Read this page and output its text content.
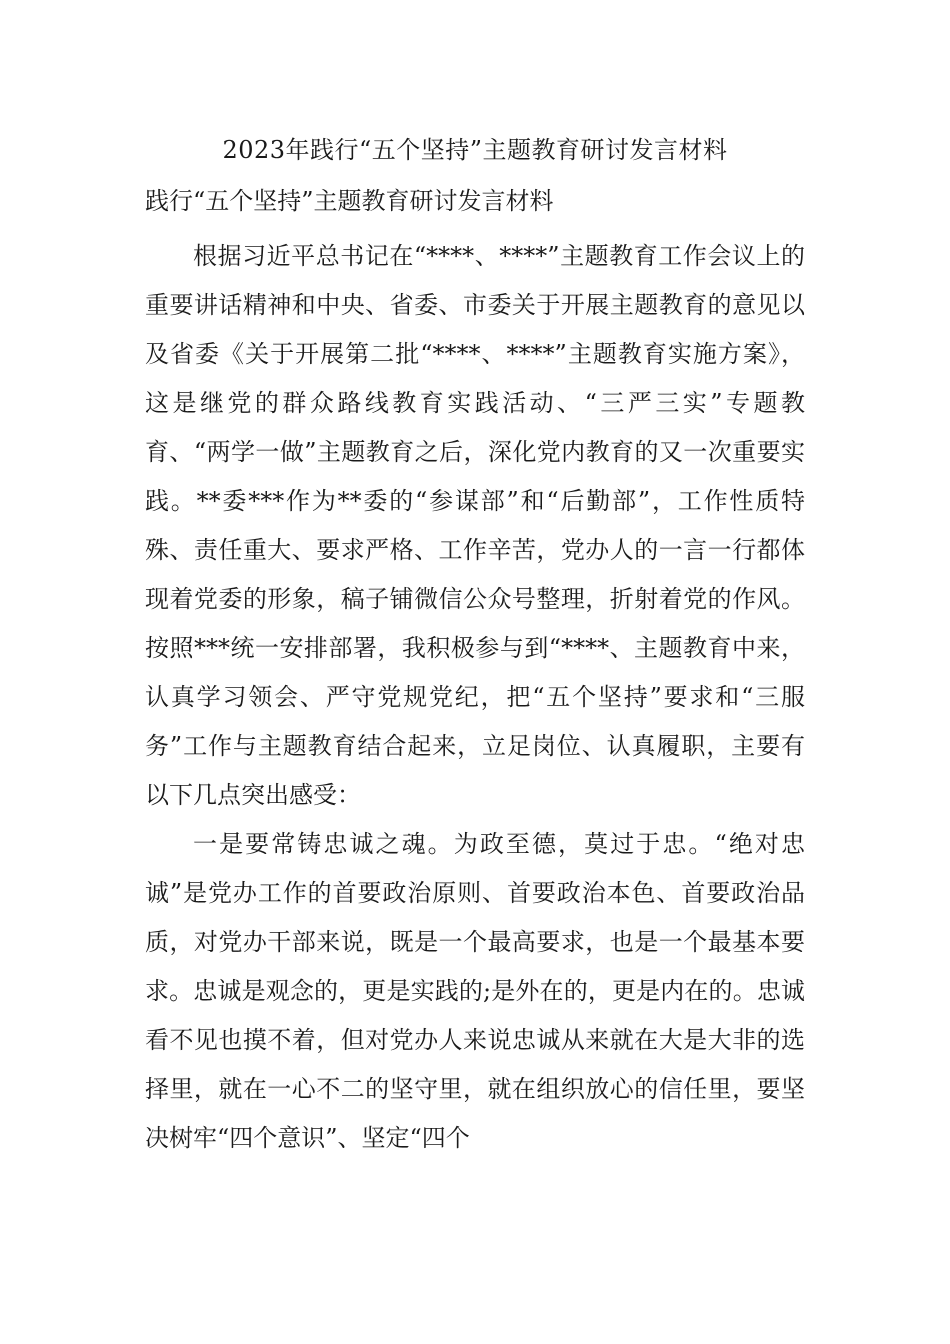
2023年践行“五个坚持”主题教育研讨发言材料
践行“五个坚持”主题教育研讨发言材料

根据习近平总书记在“****、****”主题教育工作会议上的重要讲话精神和中央、省委、市委关于开展主题教育的意见以及省委《关于开展第二批“****、****”主题教育实施方案》，这是继党的群众路线教育实践活动、“三严三实”专题教育、“两学一做”主题教育之后，深化党内教育的又一次重要实践。**委***作为**委的“参谋部”和“后勤部”，工作性质特殊、责任重大、要求严格、工作辛苦，党办人的一言一行都体现着党委的形象，稿子铺微信公众号整理，折射着党的作风。按照***统一安排部署，我积极参与到“****、主题教育中来，认真学习领会、严守党规党纪，把“五个坚持”要求和“三服务”工作与主题教育结合起来，立足岗位、认真履职，主要有以下几点突出感受：

一是要常铸忠诚之魂。为政至德，莫过于忠。“绝对忠诚”是党办工作的首要政治原则、首要政治本色、首要政治品质，对党办干部来说，既是一个最高要求，也是一个最基本要求。忠诚是观念的，更是实践的;是外在的，更是内在的。忠诚看不见也摸不着，但对党办人来说忠诚从来就在大是大非的选择里，就在一心不二的坚守里，就在组织放心的信任里，要坚决树牢“四个意识”、坚定“四个
